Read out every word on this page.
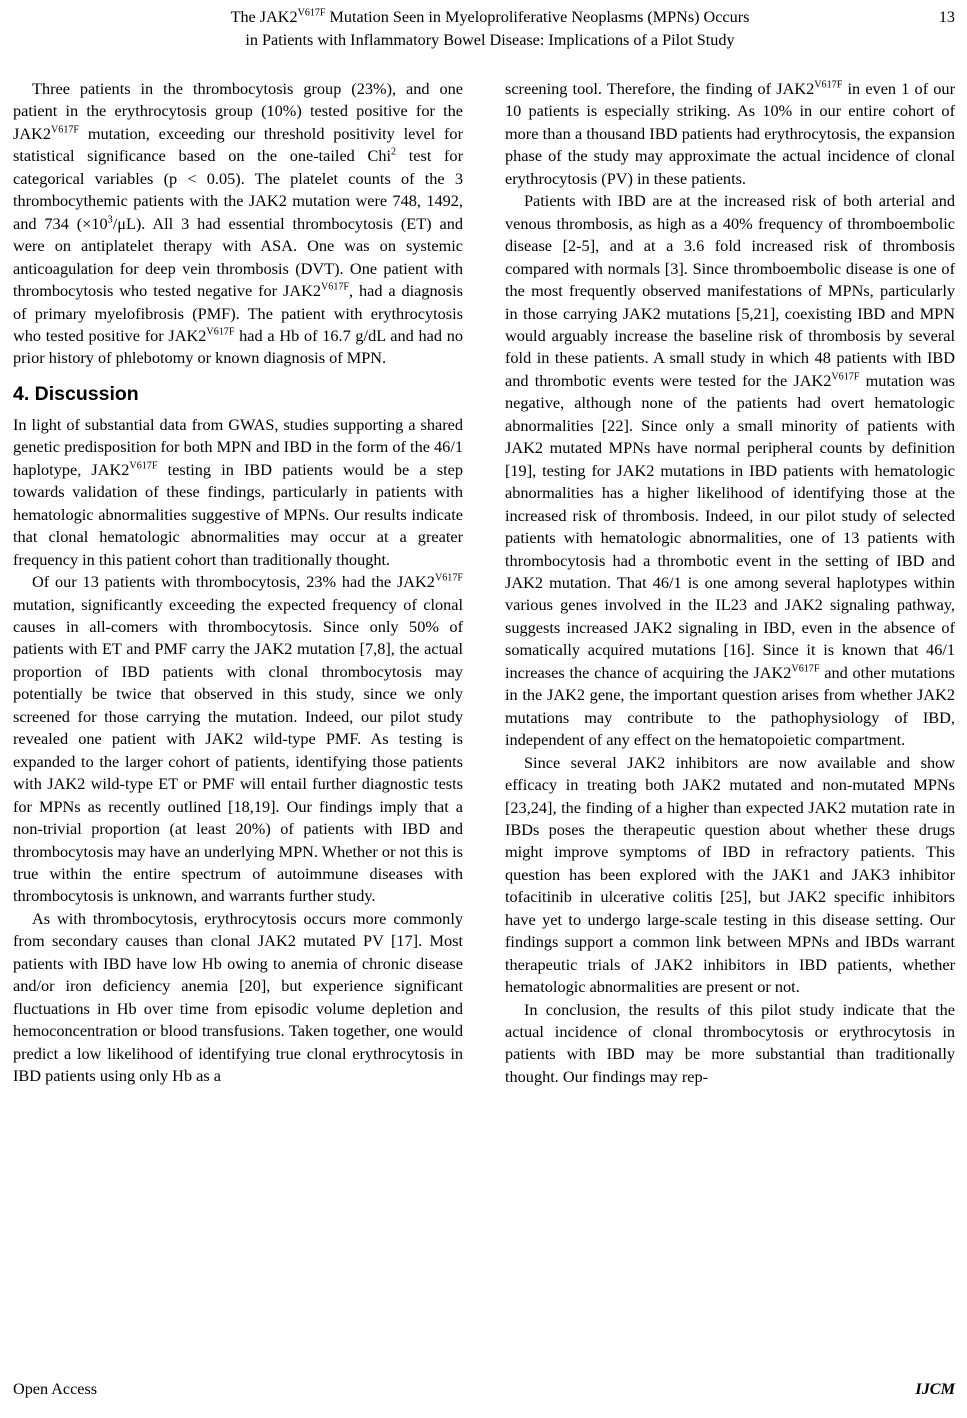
The $JAK2^{V617F}$ Mutation Seen in Myeloproliferative Neoplasms (MPNs) Occurs
in Patients with Inflammatory Bowel Disease: Implications of a Pilot Study
13

Three patients in the thrombocytosis group (23%), and one patient in the erythrocytosis group (10%) tested positive for the $JAK2^{V617F}$ mutation, exceeding our threshold positivity level for statistical significance based on the one-tailed Chi$^2$ test for categorical variables (p < 0.05). The platelet counts of the 3 thrombocythemic patients with the JAK2 mutation were 748, 1492, and 734 $(\times 10^3/\mu L)$. All 3 had essential thrombocytosis (ET) and were on antiplatelet therapy with ASA. One was on systemic anticoagulation for deep vein thrombosis (DVT). One patient with thrombocytosis who tested negative for $JAK2^{V617F}$, had a diagnosis of primary myelofibrosis (PMF). The patient with erythrocytosis who tested positive for $JAK2^{V617F}$ had a Hb of 16.7 g/dL and had no prior history of phlebotomy or known diagnosis of MPN.

4. Discussion

In light of substantial data from GWAS, studies supporting a shared genetic predisposition for both MPN and IBD in the form of the 46/1 haplotype, $JAK2^{V617F}$ testing in IBD patients would be a step towards validation of these findings, particularly in patients with hematologic abnormalities suggestive of MPNs. Our results indicate that clonal hematologic abnormalities may occur at a greater frequency in this patient cohort than traditionally thought.

Of our 13 patients with thrombocytosis, 23% had the $JAK2^{V617F}$ mutation, significantly exceeding the expected frequency of clonal causes in all-comers with thrombocytosis. Since only 50% of patients with ET and PMF carry the JAK2 mutation [7,8], the actual proportion of IBD patients with clonal thrombocytosis may potentially be twice that observed in this study, since we only screened for those carrying the mutation. Indeed, our pilot study revealed one patient with JAK2 wild-type PMF. As testing is expanded to the larger cohort of patients, identifying those patients with JAK2 wild-type ET or PMF will entail further diagnostic tests for MPNs as recently outlined [18,19]. Our findings imply that a non-trivial proportion (at least 20%) of patients with IBD and thrombocytosis may have an underlying MPN. Whether or not this is true within the entire spectrum of autoimmune diseases with thrombocytosis is unknown, and warrants further study.

As with thrombocytosis, erythrocytosis occurs more commonly from secondary causes than clonal JAK2 mutated PV [17]. Most patients with IBD have low Hb owing to anemia of chronic disease and/or iron deficiency anemia [20], but experience significant fluctuations in Hb over time from episodic volume depletion and hemoconcentration or blood transfusions. Taken together, one would predict a low likelihood of identifying true clonal erythrocytosis in IBD patients using only Hb as a

screening tool. Therefore, the finding of $JAK2^{V617F}$ in even 1 of our 10 patients is especially striking. As 10% in our entire cohort of more than a thousand IBD patients had erythrocytosis, the expansion phase of the study may approximate the actual incidence of clonal erythrocytosis (PV) in these patients.

Patients with IBD are at the increased risk of both arterial and venous thrombosis, as high as a 40% frequency of thromboembolic disease [2-5], and at a 3.6 fold increased risk of thrombosis compared with normals [3]. Since thromboembolic disease is one of the most frequently observed manifestations of MPNs, particularly in those carrying JAK2 mutations [5,21], coexisting IBD and MPN would arguably increase the baseline risk of thrombosis by several fold in these patients. A small study in which 48 patients with IBD and thrombotic events were tested for the $JAK2^{V617F}$ mutation was negative, although none of the patients had overt hematologic abnormalities [22]. Since only a small minority of patients with JAK2 mutated MPNs have normal peripheral counts by definition [19], testing for JAK2 mutations in IBD patients with hematologic abnormalities has a higher likelihood of identifying those at the increased risk of thrombosis. Indeed, in our pilot study of selected patients with hematologic abnormalities, one of 13 patients with thrombocytosis had a thrombotic event in the setting of IBD and JAK2 mutation. That 46/1 is one among several haplotypes within various genes involved in the IL23 and JAK2 signaling pathway, suggests increased JAK2 signaling in IBD, even in the absence of somatically acquired mutations [16]. Since it is known that 46/1 increases the chance of acquiring the $JAK2^{V617F}$ and other mutations in the JAK2 gene, the important question arises from whether JAK2 mutations may contribute to the pathophysiology of IBD, independent of any effect on the hematopoietic compartment.

Since several JAK2 inhibitors are now available and show efficacy in treating both JAK2 mutated and non-mutated MPNs [23,24], the finding of a higher than expected JAK2 mutation rate in IBDs poses the therapeutic question about whether these drugs might improve symptoms of IBD in refractory patients. This question has been explored with the JAK1 and JAK3 inhibitor tofacitinib in ulcerative colitis [25], but JAK2 specific inhibitors have yet to undergo large-scale testing in this disease setting. Our findings support a common link between MPNs and IBDs warrant therapeutic trials of JAK2 inhibitors in IBD patients, whether hematologic abnormalities are present or not.

In conclusion, the results of this pilot study indicate that the actual incidence of clonal thrombocytosis or erythrocytosis in patients with IBD may be more substantial than traditionally thought. Our findings may rep-

Open Access	IJCM
